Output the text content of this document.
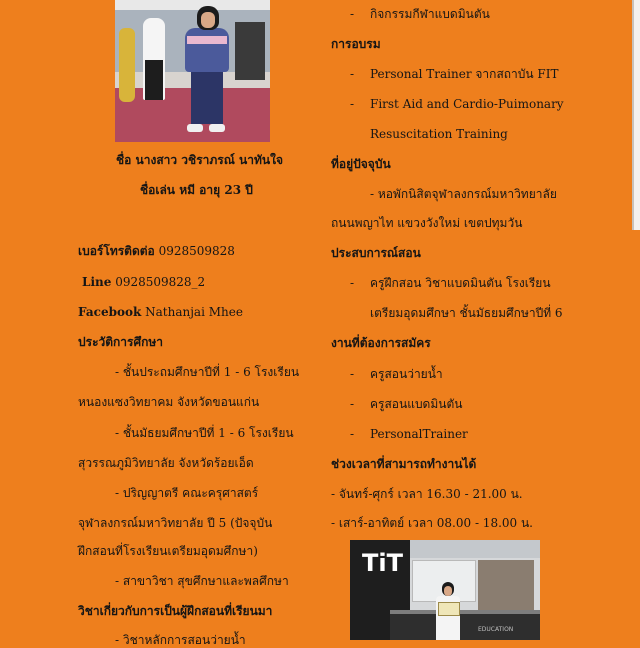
ชื่อ นางสาว วชิราภรณ์ นาทันใจ
ชื่อเล่น หมี อายุ 23 ปี
เบอร์โทรติดต่อ 0928509828
Line 0928509828_2
Facebook Nathanjai Mhee
ประวัติการศึกษา
- ชั้นประถมศึกษาปีที่ 1 - 6 โรงเรียน
หนองแซงวิทยาคม จังหวัดขอนแก่น
- ชั้นมัธยมศึกษาปีที่ 1 - 6 โรงเรียน
สุวรรณภูมิวิทยาลัย จังหวัดร้อยเอ็ด
- ปริญญาตรี คณะครุศาสตร์
จุฬาลงกรณ์มหาวิทยาลัย ปี 5 (ปัจจุบัน
ฝึกสอนที่โรงเรียนเตรียมอุดมศึกษา)
- สาขาวิชา สุขศึกษาและพลศึกษา
วิชาเกี่ยวกับการเป็นผู้ฝึกสอนที่เรียนมา
- วิชาหลักการสอนว่ายน้ำ
- กิจกรรมกีฬาแบดมินตัน
การอบรม
- Personal Trainer จากสถาบัน FIT
- First Aid and Cardio-Puimonary
Resuscitation Training
ที่อยู่ปัจจุบัน
- หอพักนิสิตจุฬาลงกรณ์มหาวิทยาลัย
ถนนพญาไท แขวงวังใหม่ เขตปทุมวัน
ประสบการณ์สอน
- ครูฝึกสอน วิชาแบดมินตัน โรงเรียน
เตรียมอุดมศึกษา ชั้นมัธยมศึกษาปีที่ 6
งานที่ต้องการสมัคร
- ครูสอนว่ายน้ำ
- ครูสอนแบดมินตัน
- PersonalTrainer
ช่วงเวลาที่สามารถทำงานได้
- จันทร์-ศุกร์ เวลา 16.30 - 21.00 น.
- เสาร์-อาทิตย์ เวลา 08.00 - 18.00 น.
TiT
EDUCATION
